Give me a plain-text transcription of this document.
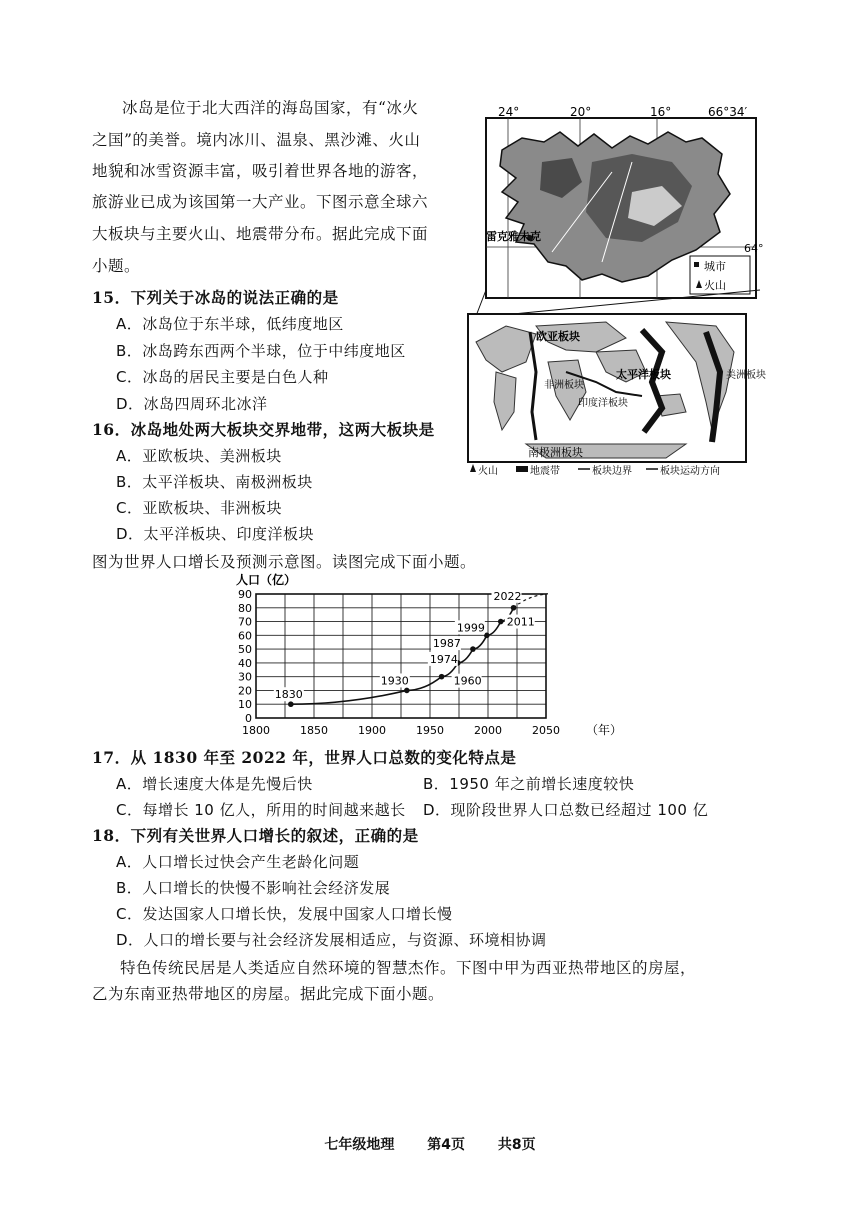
冰岛是位于北大西洋的海岛国家，有“冰火
之国”的美誉。境内冰川、温泉、黑沙滩、火山
地貌和冰雪资源丰富，吸引着世界各地的游客，
旅游业已成为该国第一大产业。下图示意全球六
大板块与主要火山、地震带分布。据此完成下面
小题。
24°	20°	16°	66°34′
雷克雅未克
64°
城市
火山
欧亚板块
非洲板块
印度洋板块
太平洋板块	美洲板块
南极洲板块
火山	地震带	板块边界	板块运动方向
15．下列关于冰岛的说法正确的是
A．冰岛位于东半球，低纬度地区
B．冰岛跨东西两个半球，位于中纬度地区
C．冰岛的居民主要是白色人种
D．冰岛四周环北冰洋
16．冰岛地处两大板块交界地带，这两大板块是
A．亚欧板块、美洲板块
B．太平洋板块、南极洲板块
C．亚欧板块、非洲板块
D．太平洋板块、印度洋板块
图为世界人口增长及预测示意图。读图完成下面小题。
人口（亿）
0
10
20
30
40
50
60
70
80
90
1800	1850	1900	1950	2000	2050
1830
1930	1960
1974
1987
1999 2011
2022
（年）
17．从 1830 年至 2022 年，世界人口总数的变化特点是
A．增长速度大体是先慢后快	B．1950 年之前增长速度较快
C．每增长 10 亿人，所用的时间越来越长 D．现阶段世界人口总数已经超过 100 亿
18．下列有关世界人口增长的叙述，正确的是
A．人口增长过快会产生老龄化问题
B．人口增长的快慢不影响社会经济发展
C．发达国家人口增长快，发展中国家人口增长慢
D．人口的增长要与社会经济发展相适应，与资源、环境相协调
特色传统民居是人类适应自然环境的智慧杰作。下图中甲为西亚热带地区的房屋，
乙为东南亚热带地区的房屋。据此完成下面小题。
七年级地理 第4页 共8页
